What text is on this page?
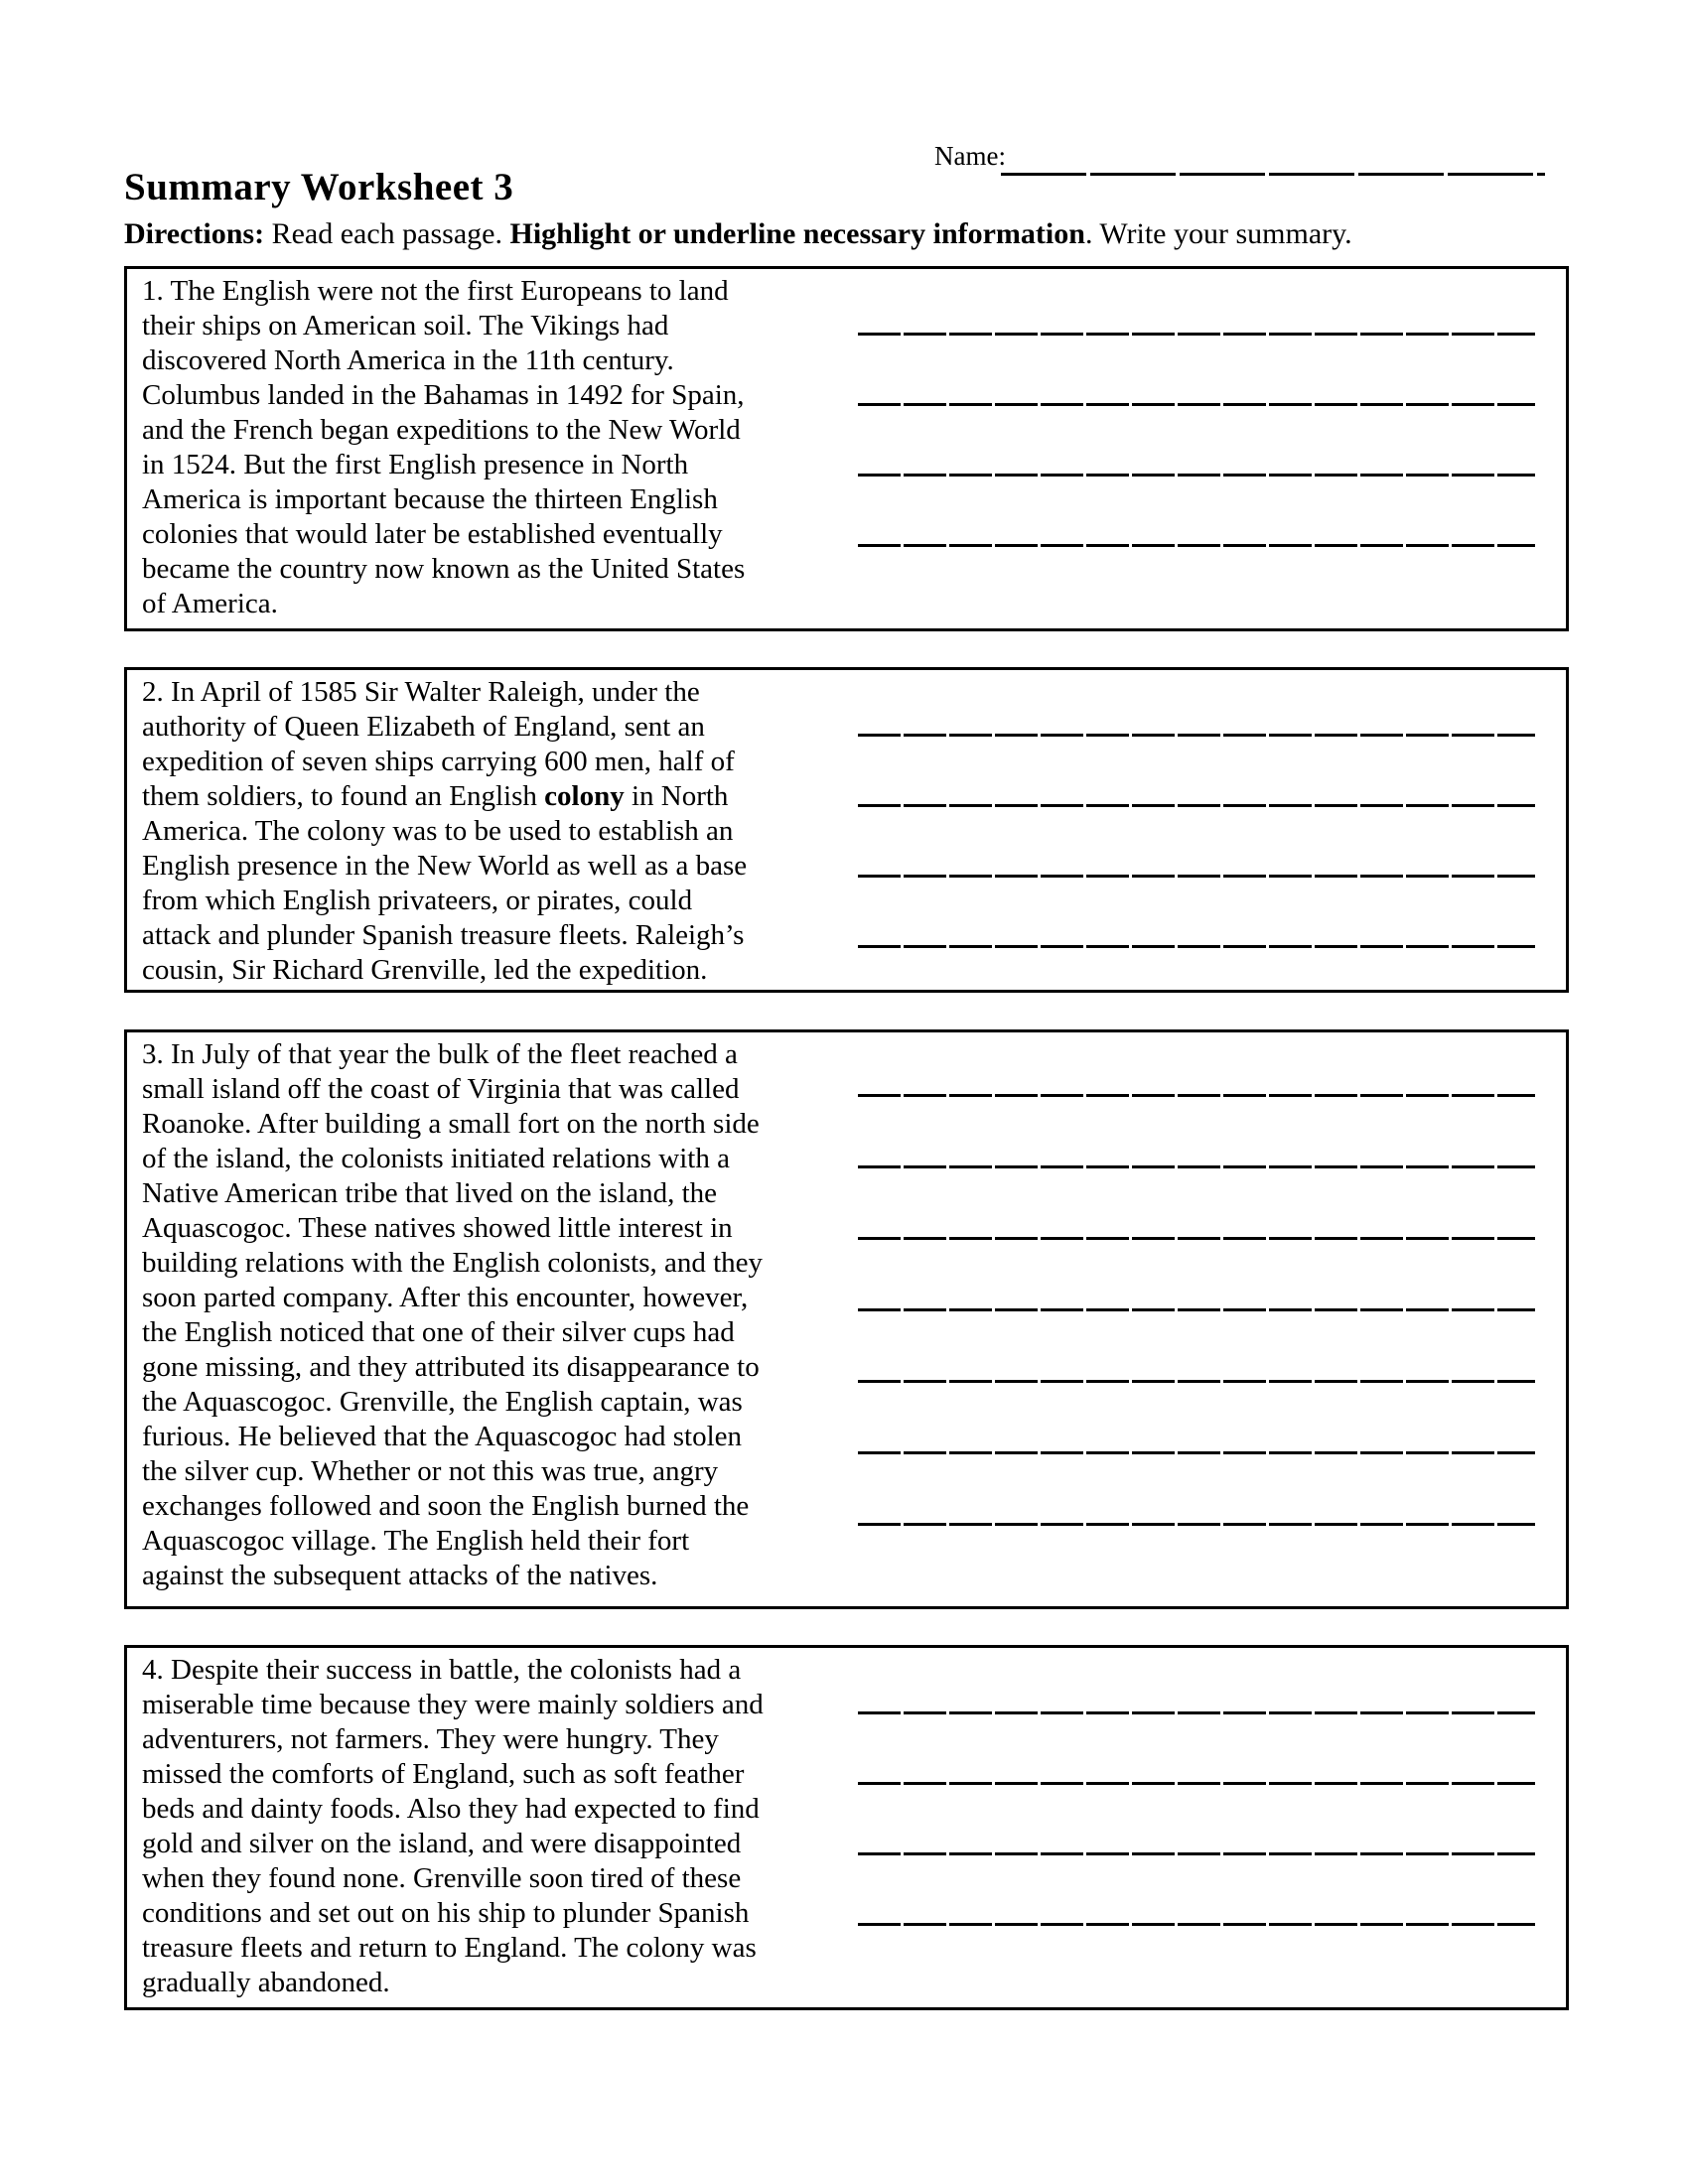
Name:
Summary Worksheet 3

Directions: Read each passage. Highlight or underline necessary information. Write your summary.

1. The English were not the first Europeans to land
their ships on American soil. The Vikings had
discovered North America in the 11th century.
Columbus landed in the Bahamas in 1492 for Spain,
and the French began expeditions to the New World
in 1524. But the first English presence in North
America is important because the thirteen English
colonies that would later be established eventually
became the country now known as the United States
of America.
2. In April of 1585 Sir Walter Raleigh, under the
authority of Queen Elizabeth of England, sent an
expedition of seven ships carrying 600 men, half of
them soldiers, to found an English colony in North
America. The colony was to be used to establish an
English presence in the New World as well as a base
from which English privateers, or pirates, could
attack and plunder Spanish treasure fleets. Raleigh’s
cousin, Sir Richard Grenville, led the expedition.
3. In July of that year the bulk of the fleet reached a
small island off the coast of Virginia that was called
Roanoke. After building a small fort on the north side
of the island, the colonists initiated relations with a
Native American tribe that lived on the island, the
Aquascogoc. These natives showed little interest in
building relations with the English colonists, and they
soon parted company. After this encounter, however,
the English noticed that one of their silver cups had
gone missing, and they attributed its disappearance to
the Aquascogoc. Grenville, the English captain, was
furious. He believed that the Aquascogoc had stolen
the silver cup. Whether or not this was true, angry
exchanges followed and soon the English burned the
Aquascogoc village. The English held their fort
against the subsequent attacks of the natives.
4. Despite their success in battle, the colonists had a
miserable time because they were mainly soldiers and
adventurers, not farmers. They were hungry. They
missed the comforts of England, such as soft feather
beds and dainty foods. Also they had expected to find
gold and silver on the island, and were disappointed
when they found none. Grenville soon tired of these
conditions and set out on his ship to plunder Spanish
treasure fleets and return to England. The colony was
gradually abandoned.
